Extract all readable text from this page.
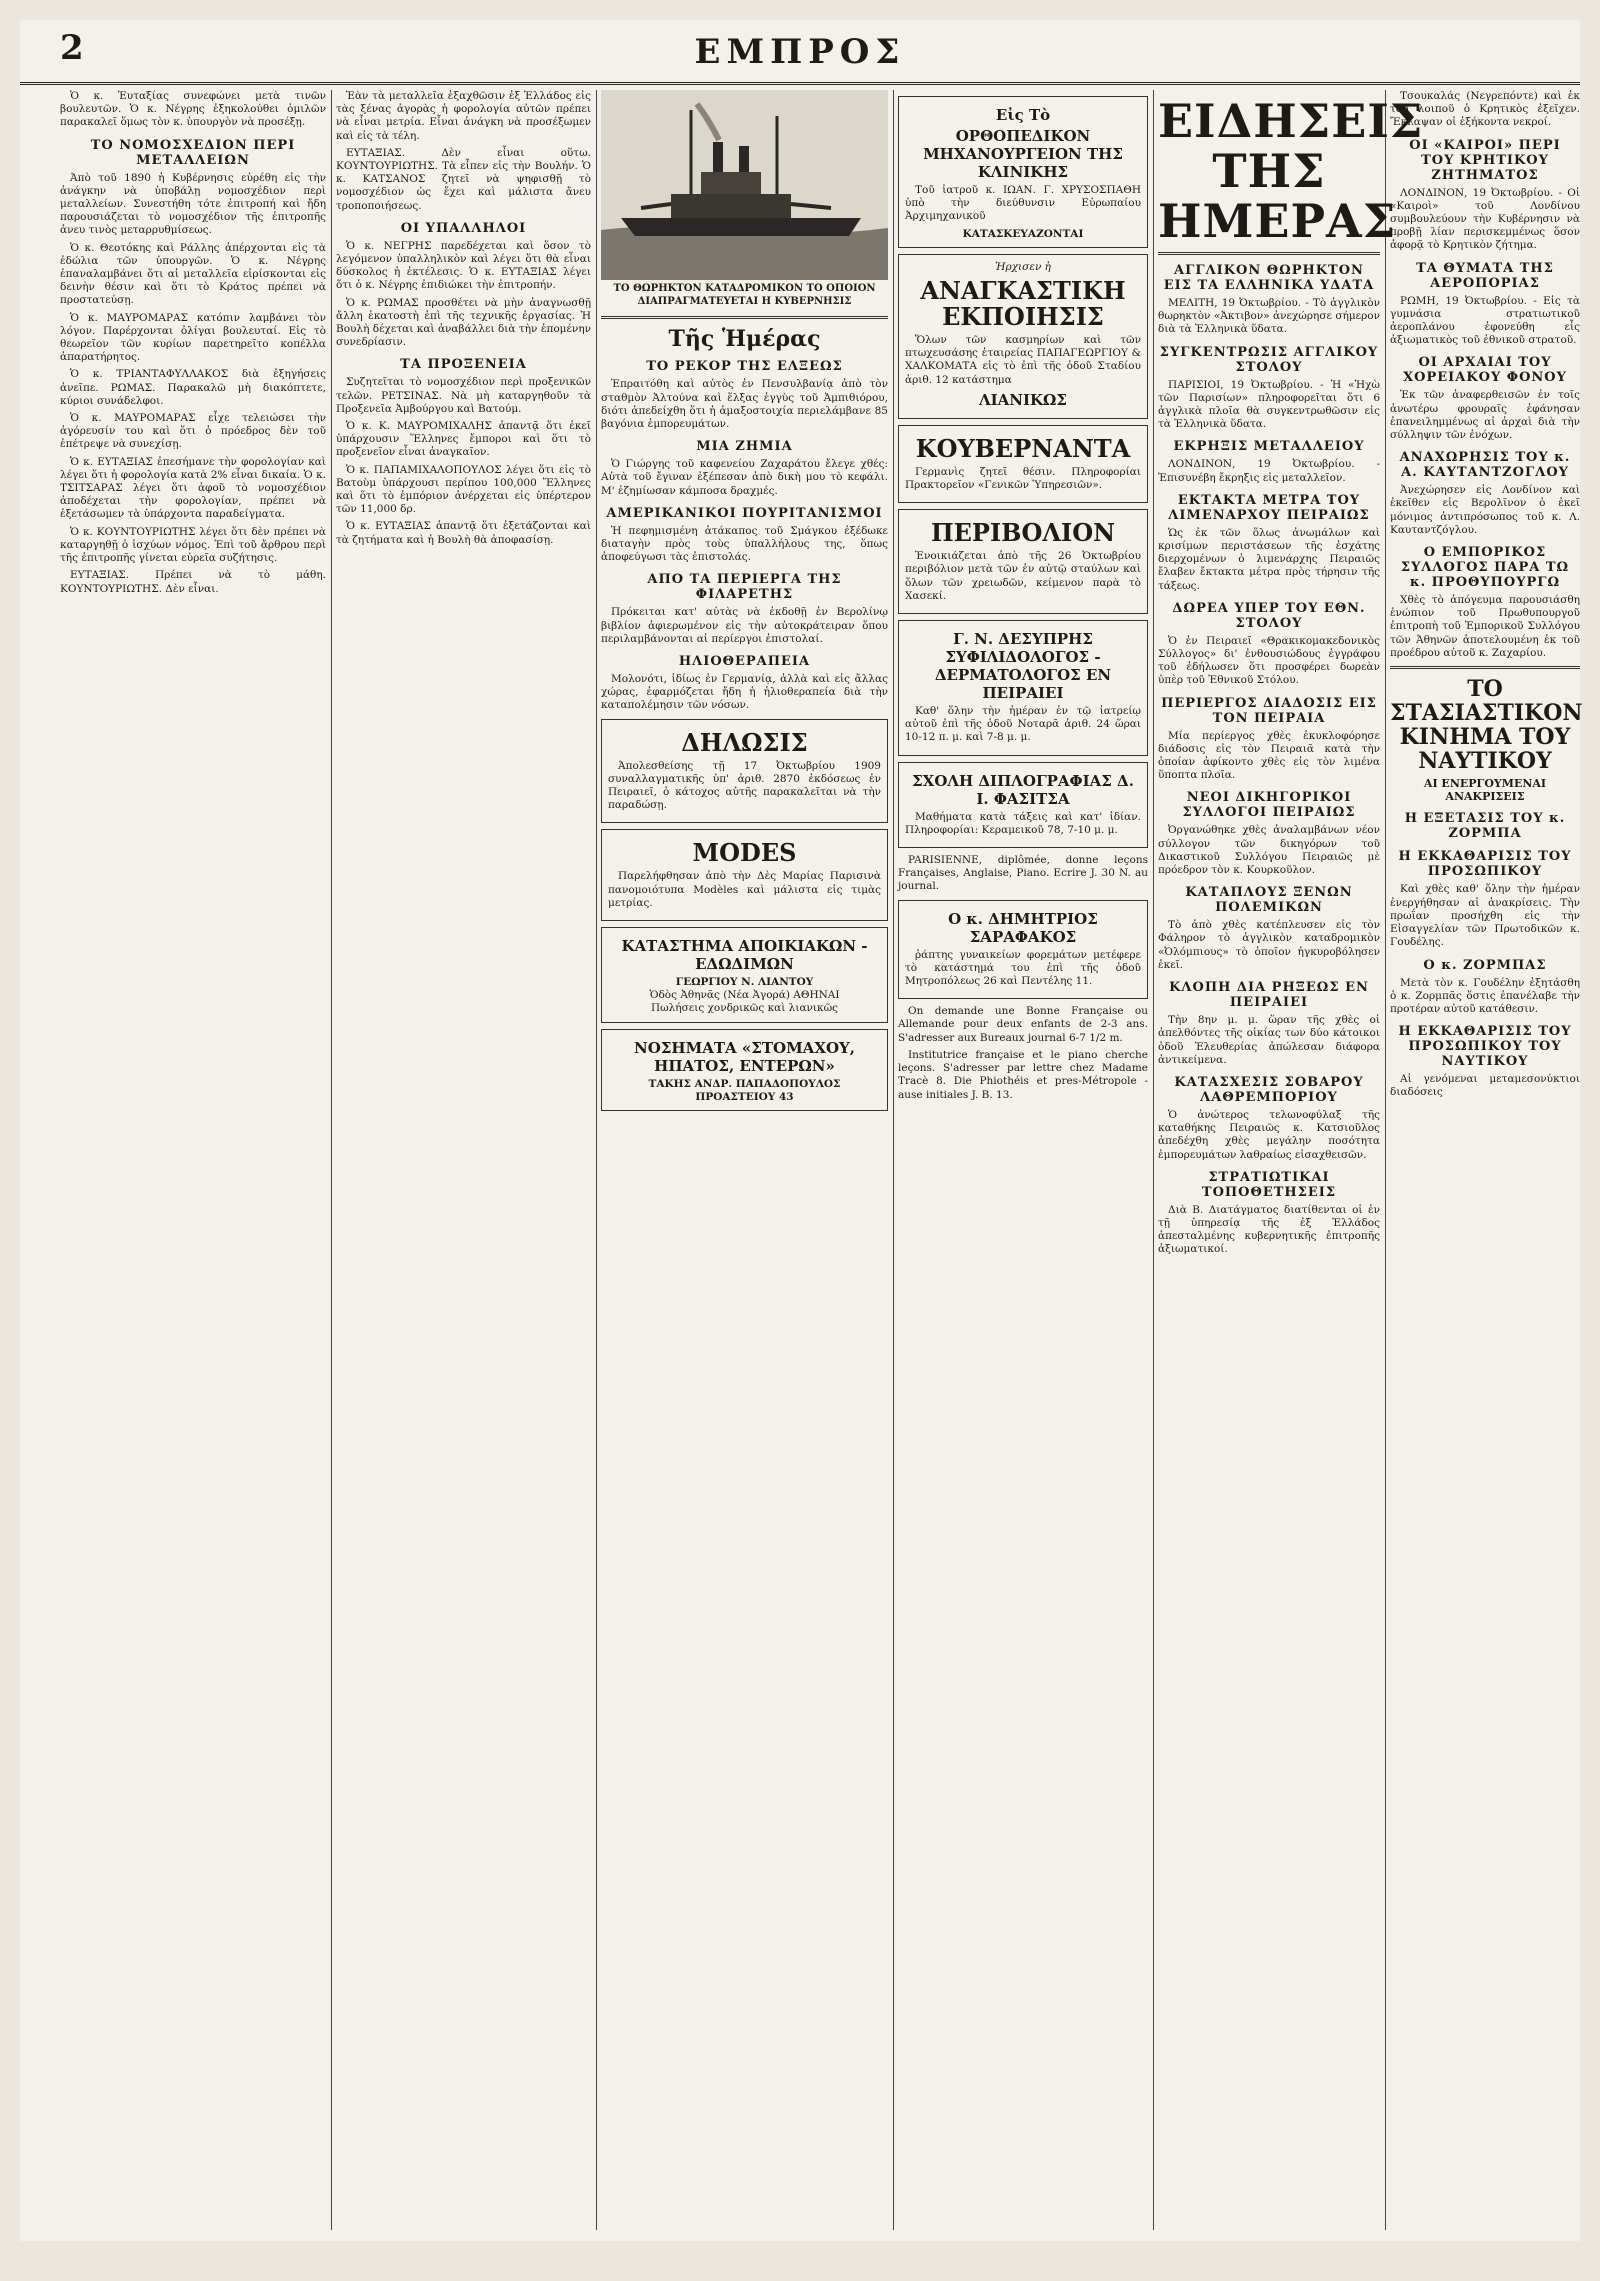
2	ΕΜΠΡΟΣ

Ὁ κ. Ἐυταξίας συνεφώνει μετὰ τινῶν βουλευτῶν. Ὁ κ. Νέγρης ἐξηκολούθει ὁμιλῶν παρακαλεῖ ὅμως τὸν κ. ὑπουργὸν νὰ προσέξῃ.

ΤΟ ΝΟΜΟΣΧΕΔΙΟΝ ΠΕΡΙ ΜΕΤΑΛΛΕΙΩΝ

Ἀπὸ τοῦ 1890 ἡ Κυβέρνησις εὑρέθη εἰς τὴν ἀνάγκην νὰ ὑποβάλῃ νομοσχέδιον περὶ μεταλλείων. Συνεστήθη τότε ἐπιτροπή καὶ ἤδη παρουσιάζεται τὸ νομοσχέδιον τῆς ἐπιτροπῆς ἀνευ τινὸς μεταρρυθμίσεως.

Ὁ κ. Θεοτόκης καὶ Ράλλης ἀπέρχονται εἰς τὰ ἐδώλια τῶν ὑπουργῶν. Ὁ κ. Νέγρης ἐπαναλαμβάνει ὅτι αἱ μεταλλεῖα εἰρίσκονται εἰς δεινὴν θέσιν καὶ ὅτι τὸ Κράτος πρέπει νὰ προστατεύσῃ.

Ὁ κ. ΜΑΥΡΟΜΑΡΑΣ κατόπιν λαμβάνει τὸν λόγον. Παρέρχονται ὀλίγαι βουλευταί. Εἰς τὸ θεωρεῖον τῶν κυρίων παρετηρεῖτο κοπέλλα ἀπαρατήρητος.

Ὁ κ. ΤΡΙΑΝΤΑΦΥΛΛΑΚΟΣ διὰ ἐξηγήσεις ἀνεῖπε. ΡΩΜΑΣ. Παρακαλῶ μὴ διακόπτετε, κύριοι συνάδελφοι.

Ὁ κ. ΜΑΥΡΟΜΑΡΑΣ εἶχε τελειώσει τὴν ἀγόρευσίν του καὶ ὅτι ὁ πρόεδρος δὲν τοῦ ἐπέτρεψε νὰ συνεχίσῃ.

Ὁ κ. ΕΥΤΑΞΙΑΣ ἐπεσήμανε τὴν φορολογίαν καὶ λέγει ὅτι ἡ φορολογία κατὰ 2% εἶναι δικαία. Ὁ κ. ΤΣΙΤΣΑΡΑΣ λέγει ὅτι ἀφοῦ τὸ νομοσχέδιον ἀποδέχεται τὴν φορολογίαν, πρέπει νὰ ἐξετάσωμεν τὰ ὑπάρχοντα παραδείγματα.

Ὁ κ. ΚΟΥΝΤΟΥΡΙΩΤΗΣ λέγει ὅτι δὲν πρέπει νὰ καταργηθῇ ὁ ἰσχύων νόμος. Ἐπὶ τοῦ ἄρθρου περὶ τῆς ἐπιτροπῆς γίνεται εὐρεῖα συζήτησις.

ΕΥΤΑΞΙΑΣ. Πρέπει νὰ τὸ μάθη. ΚΟΥΝΤΟΥΡΙΩΤΗΣ. Δὲν εἶναι.

Ἐὰν τὰ μεταλλεῖα ἐξαχθῶσιν ἐξ Ἑλλάδος εἰς τὰς ξένας ἀγορὰς ἡ φορολογία αὐτῶν πρέπει νὰ εἶναι μετρία. Εἶναι ἀνάγκη νὰ προσέξωμεν καὶ εἰς τὰ τέλη.

ΕΥΤΑΞΙΑΣ. Δὲν εἶναι οὕτω. ΚΟΥΝΤΟΥΡΙΩΤΗΣ. Τὰ εἶπεν εἰς τὴν Βουλήν. Ὁ κ. ΚΑΤΣΑΝΟΣ ζητεῖ νὰ ψηφισθῇ τὸ νομοσχέδιον ὡς ἔχει καὶ μάλιστα ἄνευ τροποποιήσεως.

ΟΙ ΥΠΑΛΛΗΛΟΙ

Ὁ κ. ΝΕΓΡΗΣ παρεδέχεται καὶ ὅσον τὸ λεγόμενον ὑπαλληλικὸν καὶ λέγει ὅτι θὰ εἶναι δύσκολος ἡ ἐκτέλεσις. Ὁ κ. ΕΥΤΑΞΙΑΣ λέγει ὅτι ὁ κ. Νέγρης ἐπιδιώκει τὴν ἐπιτροπήν.

Ὁ κ. ΡΩΜΑΣ προσθέτει νὰ μὴν ἀναγνωσθῇ ἄλλη ἑκατοστὴ ἐπὶ τῆς τεχνικῆς ἐργασίας. Ἡ Βουλὴ δέχεται καὶ ἀναβάλλει διὰ τὴν ἑπομένην συνεδρίασιν.

ΤΑ ΠΡΟΞΕΝΕΙΑ

Συζητεῖται τὸ νομοσχέδιον περὶ προξενικῶν τελῶν. ΡΕΤΣΙΝΑΣ. Νὰ μὴ καταργηθοῦν τὰ Προξενεῖα Ἀμβούργου καὶ Βατούμ.

Ὁ κ. Κ. ΜΑΥΡΟΜΙΧΑΛΗΣ ἀπαντᾷ ὅτι ἐκεῖ ὑπάρχουσιν Ἕλληνες ἔμποροι καὶ ὅτι τὸ προξενεῖον εἶναι ἀναγκαῖον.

Ὁ κ. ΠΑΠΑΜΙΧΑΛΟΠΟΥΛΟΣ λέγει ὅτι εἰς τὸ Βατοὺμ ὑπάρχουσι περίπου 100,000 Ἕλληνες καὶ ὅτι τὸ ἐμπόριον ἀνέρχεται εἰς ὑπέρτερον τῶν 11,000 δρ.

Ὁ κ. ΕΥΤΑΞΙΑΣ ἀπαντᾷ ὅτι ἐξετάζονται καὶ τὰ ζητήματα καὶ ἡ Βουλὴ θὰ ἀποφασίσῃ.

ΤΟ ΘΩΡΗΚΤΟΝ ΚΑΤΑΔΡΟΜΙΚΟΝ ΤΟ ΟΠΟΙΟΝ ΔΙΑΠΡΑΓΜΑΤΕΥΕΤΑΙ Η ΚΥΒΕΡΝΗΣΙΣ
Τῆς Ἡμέρας
ΤΟ ΡΕΚΟΡ ΤΗΣ ΕΛΞΕΩΣ

Ἐπραιτόθη καὶ αὐτὸς ἐν Πενσυλβανίᾳ ἀπὸ τὸν σταθμὸν Ἀλτούνα καὶ ἕλξας ἐγγὺς τοῦ Ἀμπιθιόρου, διότι ἀπεδείχθη ὅτι ἡ ἀμαξοστοιχία περιελάμβανε 85 βαγόνια ἐμπορευμάτων.

ΜΙΑ ΖΗΜΙΑ

Ὁ Γιώργης τοῦ καφενείου Ζαχαράτου ἔλεγε χθές: Αὐτὰ τοῦ ἔγιναν ἐξέπεσαν ἀπὸ δικὴ μου τὸ κεφάλι. Μ' ἐζημίωσαν κάμποσα δραχμές.

ΑΜΕΡΙΚΑΝΙΚΟΙ ΠΟΥΡΙΤΑΝΙΣΜΟΙ

Ἡ πεφημισμένη ἀτάκαπος τοῦ Σμάγκου ἐξέδωκε διαταγὴν πρὸς τοὺς ὑπαλλήλους της, ὅπως ἀποφεύγωσι τὰς ἐπιστολάς.

ΑΠΟ ΤΑ ΠΕΡΙΕΡΓΑ ΤΗΣ ΦΙΛΑΡΕΤΗΣ

Πρόκειται κατ' αὐτὰς νὰ ἐκδοθῇ ἐν Βερολίνῳ βιβλίον ἀφιερωμένον εἰς τὴν αὐτοκράτειραν ὅπου περιλαμβάνονται αἱ περίεργοι ἐπιστολαί.

ΗΛΙΟΘΕΡΑΠΕΙΑ

Μολονότι, ἰδίως ἐν Γερμανίᾳ, ἀλλὰ καὶ εἰς ἄλλας χώρας, ἐφαρμόζεται ἤδη ἡ ἡλιοθεραπεία διὰ τὴν καταπολέμησιν τῶν νόσων.

ΔΗΛΩΣΙΣ

Ἀπολεσθείσης τῇ 17 Ὀκτωβρίου 1909 συναλλαγματικῆς ὑπ' ἀριθ. 2870 ἐκδόσεως ἐν Πειραιεῖ, ὁ κάτοχος αὐτῆς παρακαλεῖται νὰ τὴν παραδώσῃ.

MODES

Παρελήφθησαν ἀπὸ τὴν Δὲς Μαρίας Παρισινὰ πανομοιότυπα Modèles καὶ μάλιστα εἰς τιμὰς μετρίας.

ΚΑΤΑΣΤΗΜΑ ΑΠΟΙΚΙΑΚΩΝ - ΕΔΩΔΙΜΩΝ
ΓΕΩΡΓΙΟΥ Ν. ΛΙΑΝΤΟΥ
Ὁδὸς Ἀθηνᾶς (Νέα Ἀγορά) ΑΘΗΝΑΙ
Πωλήσεις χονδρικῶς καὶ λιανικῶς
ΝΟΣΗΜΑΤΑ «ΣΤΟΜΑΧΟΥ, ΗΠΑΤΟΣ, ΕΝΤΕΡΩΝ»
ΤΑΚΗΣ ΑΝΔΡ. ΠΑΠΑΔΟΠΟΥΛΟΣ
ΠΡΟΑΣΤΕΙΟΥ 43
Εἰς Τὸ
ΟΡΘΟΠΕΔΙΚΟΝ ΜΗΧΑΝΟΥΡΓΕΙΟΝ ΤΗΣ ΚΛΙΝΙΚΗΣ

Τοῦ ἰατροῦ κ. ΙΩΑΝ. Γ. ΧΡΥΣΟΣΠΑΘΗ ὑπὸ τὴν διεύθυνσιν Εὐρωπαίου Ἀρχιμηχανικοῦ

ΚΑΤΑΣΚΕΥΑΖΟΝΤΑΙ
Ἠρχισεν ἡ
ΑΝΑΓΚΑΣΤΙΚΗ ΕΚΠΟΙΗΣΙΣ

Ὅλων τῶν κασμηρίων καὶ τῶν πτωχευσάσης ἑταιρείας ΠΑΠΑΓΕΩΡΓΙΟΥ & ΧΑΛΚΟΜΑΤΑ εἰς τὸ ἐπὶ τῆς ὁδοῦ Σταδίου ἀριθ. 12 κατάστημα

ΛΙΑΝΙΚΩΣ
ΚΟΥΒΕΡΝΑΝΤΑ

Γερμανὶς ζητεῖ θέσιν. Πληροφορίαι Πρακτορεῖον «Γενικῶν Ὑπηρεσιῶν».

ΠΕΡΙΒΟΛΙΟΝ

Ἐνοικιάζεται ἀπὸ τῆς 26 Ὀκτωβρίου περιβόλιον μετὰ τῶν ἐν αὐτῷ σταύλων καὶ ὅλων τῶν χρειωδῶν, κείμενον παρὰ τὸ Χασεκί.

Γ. Ν. ΔΕΣΥΠΡΗΣ ΣΥΦΙΛΙΔΟΛΟΓΟΣ - ΔΕΡΜΑΤΟΛΟΓΟΣ ΕΝ ΠΕΙΡΑΙΕΙ

Καθ' ὅλην τὴν ἡμέραν ἐν τῷ ἰατρείῳ αὐτοῦ ἐπὶ τῆς ὁδοῦ Νοταρᾶ ἀριθ. 24 ὥραι 10-12 π. μ. καὶ 7-8 μ. μ.

ΣΧΟΛΗ ΔΙΠΛΟΓΡΑΦΙΑΣ Δ. Ι. ΦΑΣΙΤΣΑ

Μαθήματα κατὰ τάξεις καὶ κατ' ἰδίαν. Πληροφορίαι: Κεραμεικοῦ 78, 7-10 μ. μ.

PARISIENNE, diplômée, donne leçons Françaises, Anglaise, Piano. Ecrire J. 30 N. au journal.

Ο κ. ΔΗΜΗΤΡΙΟΣ ΣΑΡΑΦΑΚΟΣ

ῥάπτης γυναικείων φορεμάτων μετέφερε τὸ κατάστημά του ἐπὶ τῆς ὁδοῦ Μητροπόλεως 26 καὶ Πεντέλης 11.

On demande une Bonne Française ou Allemande pour deux enfants de 2-3 ans. S'adresser aux Bureaux journal 6-7 1/2 m.

Institutrice française et le piano cherche leçons. S'adresser par lettre chez Madame Tracè 8. Die Phiothéis et pres-Métropole - ause initiales J. B. 13.

ΕΙΔΗΣΕΙΣ ΤΗΣ ΗΜΕΡΑΣ
ΑΓΓΛΙΚΟΝ ΘΩΡΗΚΤΟΝ ΕΙΣ ΤΑ ΕΛΛΗΝΙΚΑ ΥΔΑΤΑ

ΜΕΛΙΤΗ, 19 Ὀκτωβρίου. - Τὸ ἀγγλικὸν θωρηκτὸν «Ἀκτιβον» ἀνεχώρησε σήμερον διὰ τὰ Ἑλληνικὰ ὕδατα.

ΣΥΓΚΕΝΤΡΩΣΙΣ ΑΓΓΛΙΚΟΥ ΣΤΟΛΟΥ

ΠΑΡΙΣΙΟΙ, 19 Ὀκτωβρίου. - Ἡ «Ἠχὼ τῶν Παρισίων» πληροφορεῖται ὅτι 6 ἀγγλικὰ πλοῖα θὰ συγκεντρωθῶσιν εἰς τὰ Ἑλληνικὰ ὕδατα.

ΕΚΡΗΞΙΣ ΜΕΤΑΛΛΕΙΟΥ

ΛΟΝΔΙΝΟΝ, 19 Ὀκτωβρίου. - Ἐπισυνέβη ἔκρηξις εἰς μεταλλεῖον.

ΕΚΤΑΚΤΑ ΜΕΤΡΑ ΤΟΥ ΛΙΜΕΝΑΡΧΟΥ ΠΕΙΡΑΙΩΣ

Ὡς ἐκ τῶν ὅλως ἀνωμάλων καὶ κρισίμων περιστάσεων τῆς ἐσχάτης διερχομένων ὁ λιμενάρχης Πειραιῶς ἔλαβεν ἔκτακτα μέτρα πρὸς τήρησιν τῆς τάξεως.

ΔΩΡΕΑ ΥΠΕΡ ΤΟΥ ΕΘΝ. ΣΤΟΛΟΥ

Ὁ ἐν Πειραιεῖ «Θρακικομακεδονικὸς Σύλλογος» δι' ἐνθουσιώδους ἐγγράφου τοῦ ἐδήλωσεν ὅτι προσφέρει δωρεὰν ὑπὲρ τοῦ Ἐθνικοῦ Στόλου.

ΠΕΡΙΕΡΓΟΣ ΔΙΑΔΟΣΙΣ ΕΙΣ ΤΟΝ ΠΕΙΡΑΙΑ

Μία περίεργος χθὲς ἐκυκλοφόρησε διάδοσις εἰς τὸν Πειραιᾶ κατὰ τὴν ὁποίαν ἀφίκοντο χθὲς εἰς τὸν λιμένα ὕποπτα πλοῖα.

ΝΕΟΙ ΔΙΚΗΓΟΡΙΚΟΙ ΣΥΛΛΟΓΟΙ ΠΕΙΡΑΙΩΣ

Ὀργανώθηκε χθὲς ἀναλαμβάνων νέον σύλλογον τῶν δικηγόρων τοῦ Δικαστικοῦ Συλλόγου Πειραιῶς μὲ πρόεδρον τὸν κ. Κουρκοῦλον.

ΚΑΤΑΠΛΟΥΣ ΞΕΝΩΝ ΠΟΛΕΜΙΚΩΝ

Τὸ ἀπὸ χθὲς κατέπλευσεν εἰς τὸν Φάληρον τὸ ἀγγλικὸν καταδρομικὸν «Ὀλόμπιους» τὸ ὁποῖον ἠγκυροβόλησεν ἐκεῖ.

ΚΛΟΠΗ ΔΙΑ ΡΗΞΕΩΣ ΕΝ ΠΕΙΡΑΙΕΙ

Τὴν 8ην μ. μ. ὥραν τῆς χθὲς οἱ ἀπελθόντες τῆς οἰκίας των δύο κάτοικοι ὁδοῦ Ἐλευθερίας ἀπώλεσαν διάφορα ἀντικείμενα.

ΚΑΤΑΣΧΕΣΙΣ ΣΟΒΑΡΟΥ ΛΑΘΡΕΜΠΟΡΙΟΥ

Ὁ ἀνώτερος τελωνοφύλαξ τῆς καταθήκης Πειραιῶς κ. Κατσιοῦλος ἀπεδέχθη χθὲς μεγάλην ποσότητα ἐμπορευμάτων λαθραίως εἰσαχθεισῶν.

ΣΤΡΑΤΙΩΤΙΚΑΙ ΤΟΠΟΘΕΤΗΣΕΙΣ

Διὰ Β. Διατάγματος διατίθενται οἱ ἐν τῇ ὑπηρεσίᾳ τῆς ἐξ Ἑλλάδος ἀπεσταλμένης κυβερνητικῆς ἐπιτροπῆς ἀξιωματικοί.

Τσουκαλάς (Νεγρεπόντε) καὶ ἐκ τοῦ λοιποῦ ὁ Κρητικὸς ἐξεῖχεν. Ἔκλαψαν οἱ ἐξήκοντα νεκροί.

ΟΙ «ΚΑΙΡΟΙ» ΠΕΡΙ ΤΟΥ ΚΡΗΤΙΚΟΥ ΖΗΤΗΜΑΤΟΣ

ΛΟΝΔΙΝΟΝ, 19 Ὀκτωβρίου. - Οἱ «Καιροὶ» τοῦ Λονδίνου συμβουλεύουν τὴν Κυβέρνησιν νὰ προβῇ λίαν περισκεμμένως ὅσον ἀφορᾷ τὸ Κρητικὸν ζήτημα.

ΤΑ ΘΥΜΑΤΑ ΤΗΣ ΑΕΡΟΠΟΡΙΑΣ

ΡΩΜΗ, 19 Ὀκτωβρίου. - Εἰς τὰ γυμνάσια στρατιωτικοῦ ἀεροπλάνου ἐφονεύθη εἷς ἀξιωματικὸς τοῦ ἐθνικοῦ στρατοῦ.

ΟΙ ΑΡΧΑΙΑΙ ΤΟΥ ΧΟΡΕΙΑΚΟΥ ΦΟΝΟΥ

Ἐκ τῶν ἀναφερθεισῶν ἐν τοῖς ἀνωτέρω φρουραῖς ἐφάνησαν ἐπανειλημμένως αἱ ἀρχαὶ διὰ τὴν σύλληψιν τῶν ἐνόχων.

ΑΝΑΧΩΡΗΣΙΣ ΤΟΥ κ. Α. ΚΑΥΤΑΝΤΖΟΓΛΟΥ

Ἀνεχώρησεν εἰς Λονδίνον καὶ ἐκεῖθεν εἰς Βερολῖνον ὁ ἐκεῖ μόνιμος ἀντιπρόσωπος τοῦ κ. Λ. Καυταντζόγλου.

Ο ΕΜΠΟΡΙΚΟΣ ΣΥΛΛΟΓΟΣ ΠΑΡΑ ΤΩ κ. ΠΡΟΘΥΠΟΥΡΓΩ

Χθὲς τὸ ἀπόγευμα παρουσιάσθη ἐνώπιον τοῦ Πρωθυπουργοῦ ἐπιτροπὴ τοῦ Ἐμπορικοῦ Συλλόγου τῶν Ἀθηνῶν ἀποτελουμένη ἐκ τοῦ προέδρου αὐτοῦ κ. Ζαχαρίου.

ΤΟ ΣΤΑΣΙΑΣΤΙΚΟΝ ΚΙΝΗΜΑ ΤΟΥ ΝΑΥΤΙΚΟΥ
ΑΙ ΕΝΕΡΓΟΥΜΕΝΑΙ ΑΝΑΚΡΙΣΕΙΣ
Η ΕΞΕΤΑΣΙΣ ΤΟΥ κ. ΖΟΡΜΠΑ
Η ΕΚΚΑΘΑΡΙΣΙΣ ΤΟΥ ΠΡΟΣΩΠΙΚΟΥ

Καὶ χθὲς καθ' ὅλην τὴν ἡμέραν ἐνεργήθησαν αἱ ἀνακρίσεις. Τὴν πρωΐαν προσήχθη εἰς τὴν Εἰσαγγελίαν τῶν Πρωτοδικῶν κ. Γουδέλης.

Ο κ. ΖΟΡΜΠΑΣ

Μετὰ τὸν κ. Γουδέλην ἐξητάσθη ὁ κ. Ζορμπᾶς ὅστις ἐπανέλαβε τὴν προτέραν αὐτοῦ κατάθεσιν.

Η ΕΚΚΑΘΑΡΙΣΙΣ ΤΟΥ ΠΡΟΣΩΠΙΚΟΥ ΤΟΥ ΝΑΥΤΙΚΟΥ

Αἱ γενόμεναι μεταμεσονύκτιοι διαδόσεις
